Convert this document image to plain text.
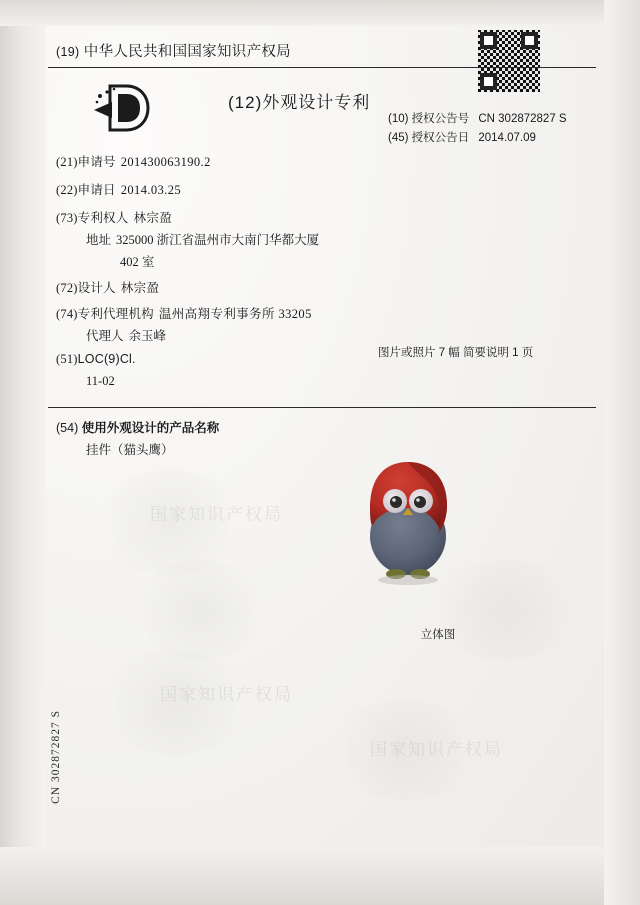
国家知识产权局
国家知识产权局
国家知识产权局
(19) 中华人民共和国国家知识产权局
(12)外观设计专利
(10) 授权公告号 CN 302872827 S
(45) 授权公告日 2014.07.09
(21)申请号 201430063190.2
(22)申请日 2014.03.25
(73)专利权人 林宗盈
地址 325000 浙江省温州市大南门华都大厦
402 室
(72)设计人 林宗盈
(74)专利代理机构 温州高翔专利事务所 33205
代理人 余玉峰
(51)LOC(9)Cl.
11-02
图片或照片 7 幅 简要说明 1 页
(54) 使用外观设计的产品名称
挂件（猫头鹰）
立体图
CN 302872827 S
